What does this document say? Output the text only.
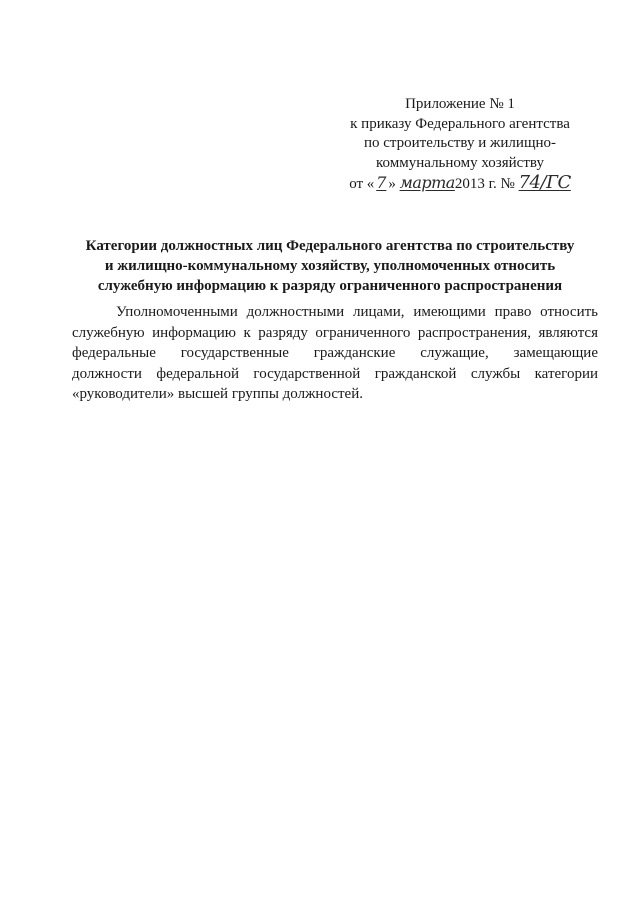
Приложение № 1
к приказу Федерального агентства
по строительству и жилищно-
коммунальному хозяйству
от « 7 » марта2013 г. № 74/ГС
Категории должностных лиц Федерального агентства по строительству
и жилищно-коммунальному хозяйству, уполномоченных относить
служебную информацию к разряду ограниченного распространения
Уполномоченными должностными лицами, имеющими право относить
служебную информацию к разряду ограниченного распространения, являются
федеральные государственные гражданские служащие, замещающие
должности федеральной государственной гражданской службы категории
«руководители» высшей группы должностей.
